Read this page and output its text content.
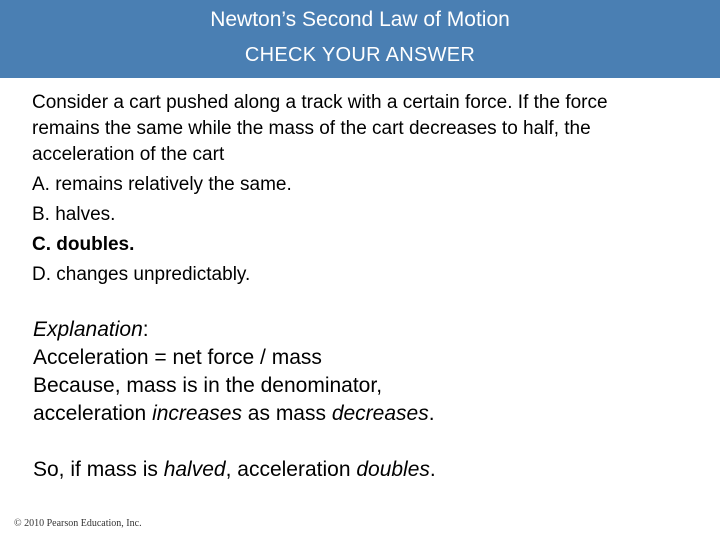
Newton’s Second Law of Motion
CHECK YOUR ANSWER
Consider a cart pushed along a track with a certain force. If the force remains the same while the mass of the cart decreases to half, the acceleration of the cart
A. remains relatively the same.
B. halves.
C. doubles.
D. changes unpredictably.
Explanation:
Acceleration = net force / mass
Because, mass is in the denominator,
acceleration increases as mass decreases.
So, if mass is halved, acceleration doubles.
© 2010 Pearson Education, Inc.
